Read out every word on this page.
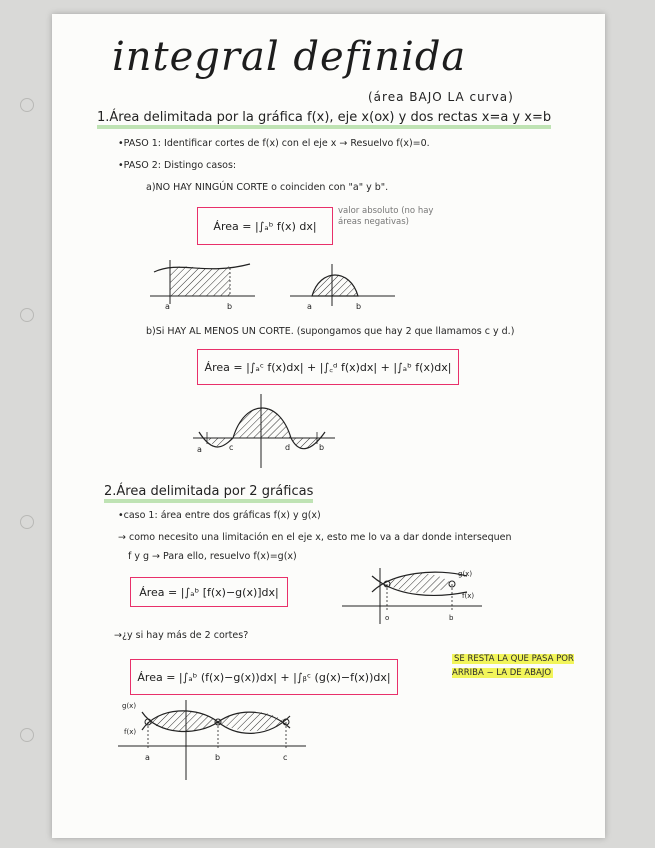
integral definida
(área BAJO LA curva)
1.Área delimitada por la gráfica f(x), eje x(ox) y dos rectas x=a y x=b
•PASO 1: Identificar cortes de f(x) con el eje x → Resuelvo f(x)=0.
•PASO 2: Distingo casos:
a)NO HAY NINGÚN CORTE o coinciden con "a" y b".
Área = |∫ₐᵇ f(x) dx|
valor absoluto (no hay áreas negativas)
a	b	a	b
b)Si HAY AL MENOS UN CORTE. (supongamos que hay 2 que llamamos c y d.)
Área = |∫ₐᶜ f(x)dx| + |∫꜀ᵈ f(x)dx| + |∫ₐᵇ f(x)dx|
a	c	d	b
2.Área delimitada por 2 gráficas
•caso 1: área entre dos gráficas f(x) y g(x)
→ como necesito una limitación en el eje x, esto me lo va a dar donde intersequen
f y g → Para ello, resuelvo f(x)=g(x)
Área = |∫ₐᵇ [f(x)−g(x)]dx|
g(x)
f(x)
o	b
→¿y si hay más de 2 cortes?
Área = |∫ₐᵇ (f(x)−g(x))dx| + |∫ᵦᶜ (g(x)−f(x))dx|
SE RESTA LA QUE PASA POR ARRIBA − LA DE ABAJO
g(x)
f(x)
a	b	c
